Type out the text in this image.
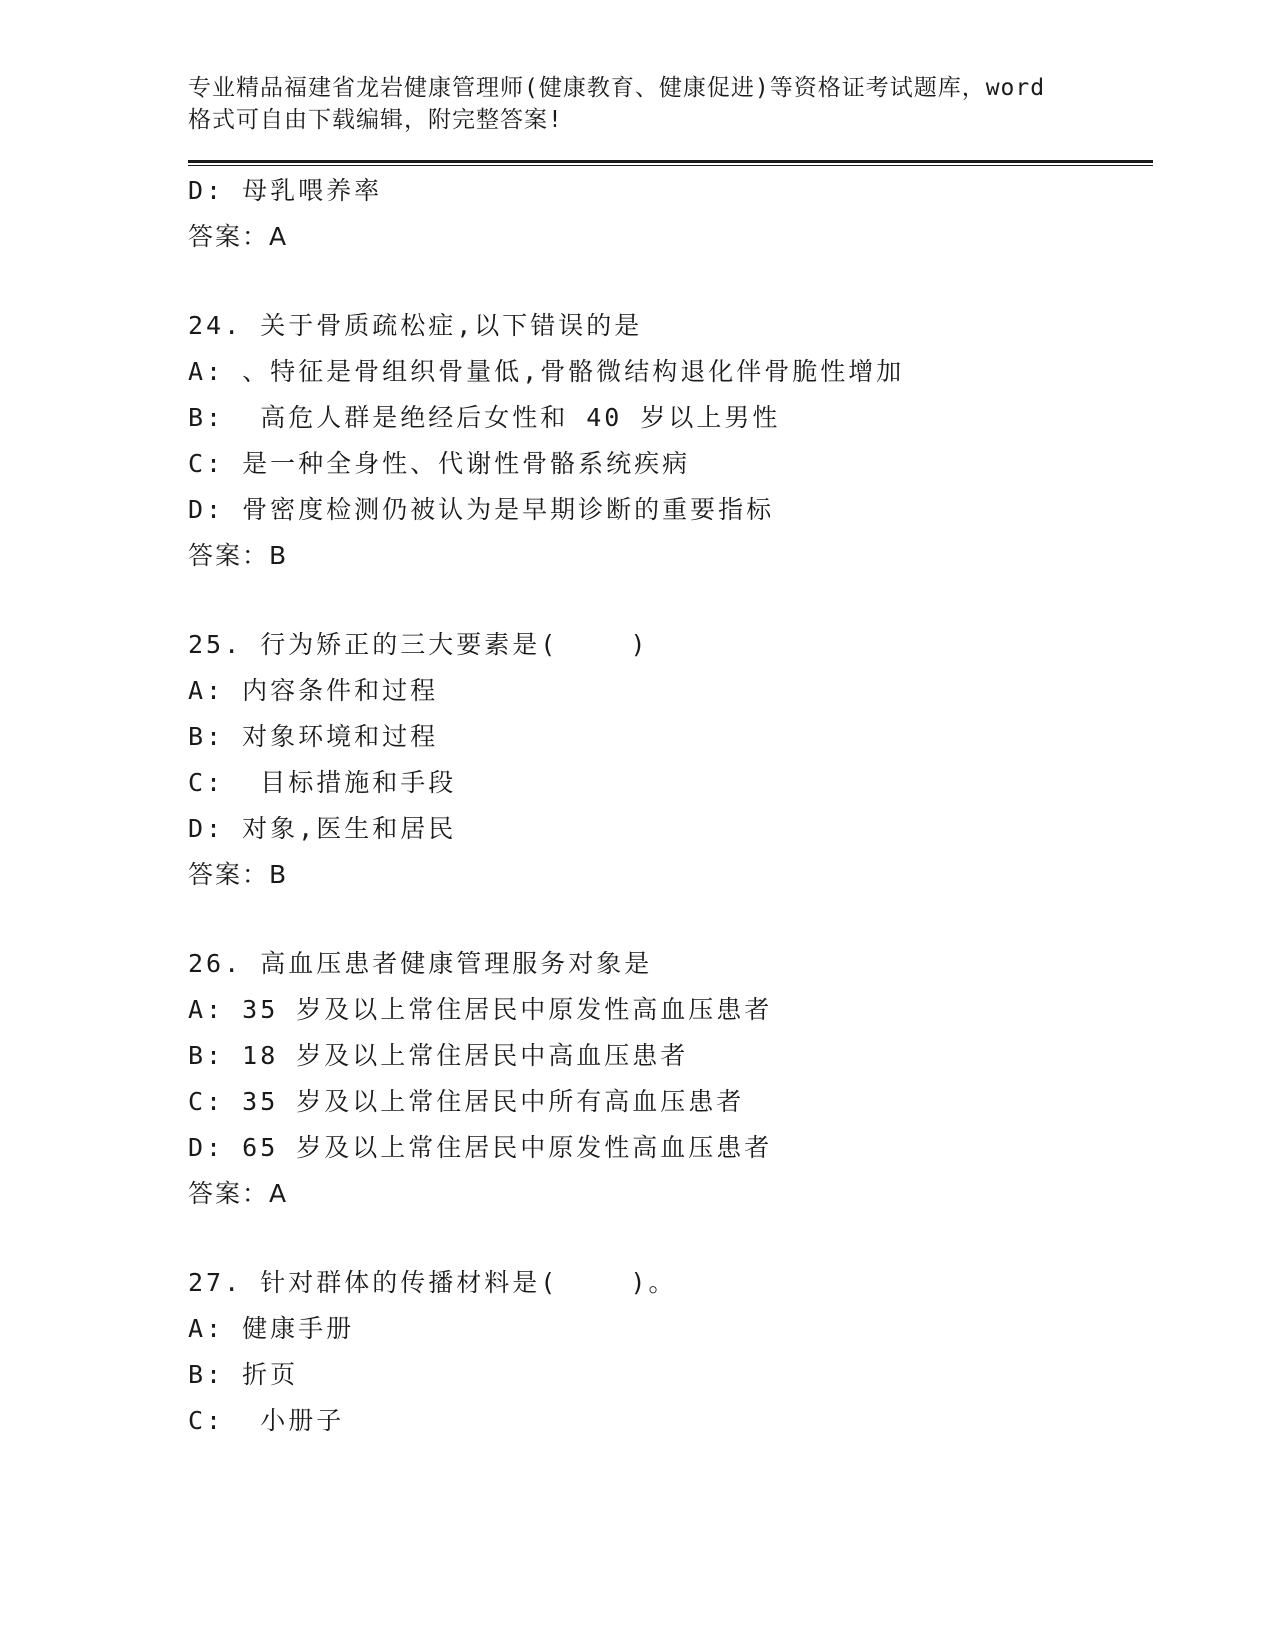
专业精品福建省龙岩健康管理师(健康教育、健康促进)等资格证考试题库，word
格式可自由下载编辑，附完整答案!
D: 母乳喂养率
答案：A
24. 关于骨质疏松症,以下错误的是
A: 、特征是骨组织骨量低,骨骼微结构退化伴骨脆性增加
B:  高危人群是绝经后女性和 40 岁以上男性
C: 是一种全身性、代谢性骨骼系统疾病
D: 骨密度检测仍被认为是早期诊断的重要指标
答案：B
25. 行为矫正的三大要素是(    )
A: 内容条件和过程
B: 对象环境和过程
C:  目标措施和手段
D: 对象,医生和居民
答案：B
26. 高血压患者健康管理服务对象是
A: 35 岁及以上常住居民中原发性高血压患者
B: 18 岁及以上常住居民中高血压患者
C: 35 岁及以上常住居民中所有高血压患者
D: 65 岁及以上常住居民中原发性高血压患者
答案：A
27. 针对群体的传播材料是(    )。
A: 健康手册
B: 折页
C:  小册子
